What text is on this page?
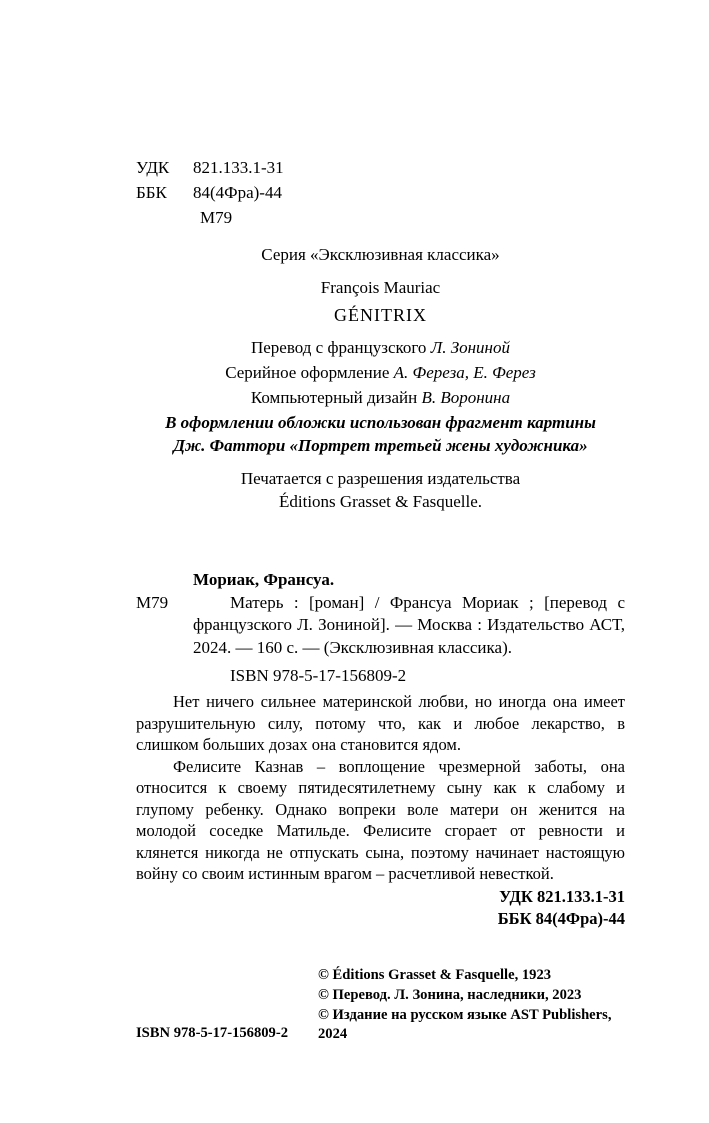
УДК	821.133.1-31
ББК	84(4Фра)-44
М79
Серия «Эксклюзивная классика»
François Mauriac
GÉNITRIX
Перевод с французского Л. Зониной
Серийное оформление А. Фереза, Е. Ферез
Компьютерный дизайн В. Воронина
В оформлении обложки использован фрагмент картины
Дж. Фаттори «Портрет третьей жены художника»
Печатается с разрешения издательства
Éditions Grasset & Fasquelle.
М79
Мориак, Франсуа.
Матерь : [роман] / Франсуа Мориак ; [перевод с французского Л. Зониной]. — Москва : Издательство АСТ, 2024. — 160 с. — (Эксклюзивная классика).
ISBN 978-5-17-156809-2

Нет ничего сильнее материнской любви, но иногда она имеет разрушительную силу, потому что, как и любое лекарство, в слишком больших дозах она становится ядом.

Фелисите Казнав – воплощение чрезмерной заботы, она относится к своему пятидесятилетнему сыну как к слабому и глупому ребенку. Однако вопреки воле матери он женится на молодой соседке Матильде. Фелисите сгорает от ревности и клянется никогда не отпускать сына, поэтому начинает настоящую войну со своим истинным врагом – расчетливой невесткой.

УДК 821.133.1-31
ББК 84(4Фра)-44
ISBN 978-5-17-156809-2
© Éditions Grasset & Fasquelle, 1923
© Перевод. Л. Зонина, наследники, 2023
© Издание на русском языке AST Publishers, 2024
